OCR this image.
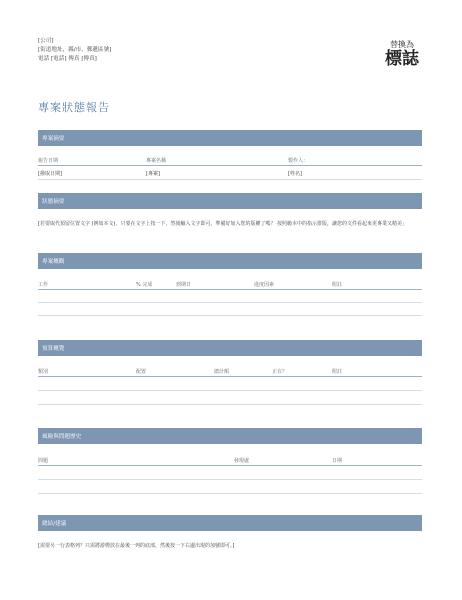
[公司]
[街道地址，縣/市，郵遞區號]
電話 [電話] 傳真 [傳真]
替換為
標誌
專案狀態報告
專案摘要
報告日期	專案名稱	製作人：
[撥取日期]	[專案]	[姓名]
狀態摘要
[若要取代預留位置文字 (例如本文)，只要在文字上按一下，然後輸入文字即可。準備好加入您的版權了嗎？ 按照範本中的指示排版，讓您的文件看起來更專業又精美」
專案概觀
工作	% 完成	到期日	進度因素	附註
預算概覽
類別	配置	總計額	正在？	附註
風險與問題歷史
問題	發現處	日期
總結/建議
[需要另一行表格列？只需將游標放在最後一列的底部，然後按一下右邊出現的加號即可。]
